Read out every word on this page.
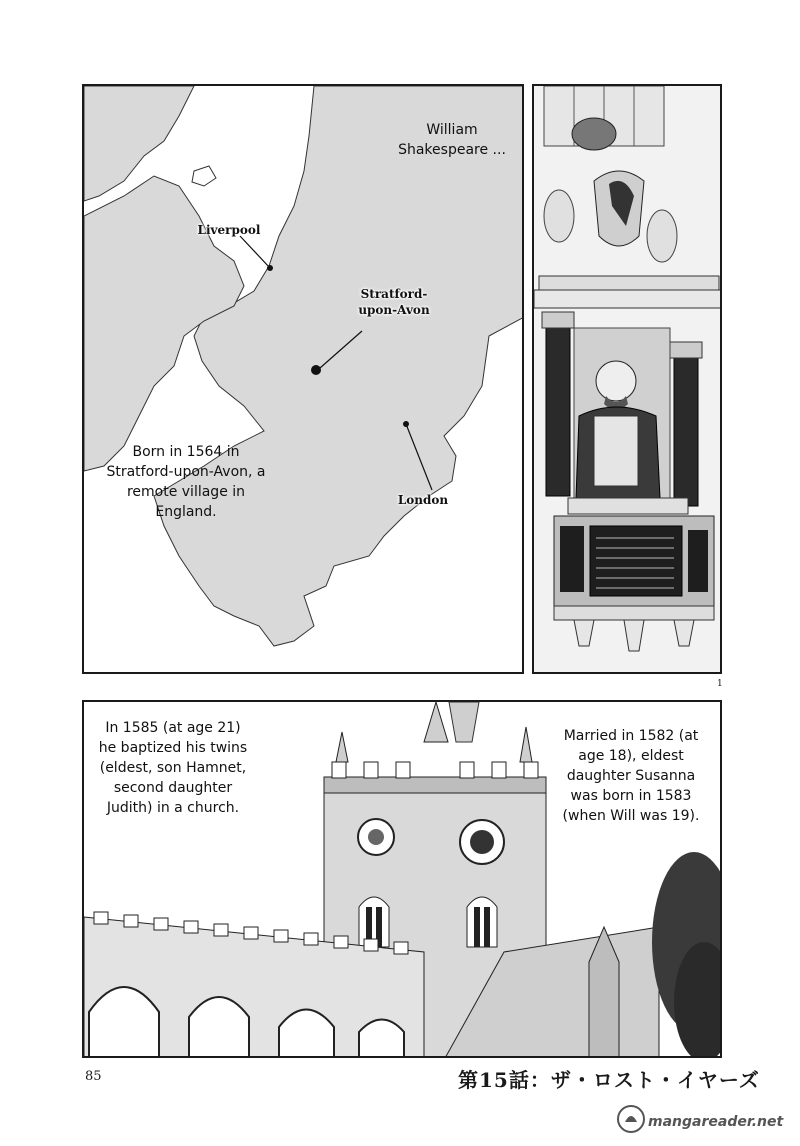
William Shakespeare ...
Born in 1564 in Stratford-upon-Avon, a remote village in England.
Liverpool
Stratford-upon-Avon
London
1
In 1585 (at age 21) he baptized his twins (eldest, son Hamnet, second daughter Judith) in a church.
Married in 1582 (at age 18), eldest daughter Susanna was born in 1583 (when Will was 19).
85	第15話：ザ・ロスト・イヤーズ
mangareader.net
